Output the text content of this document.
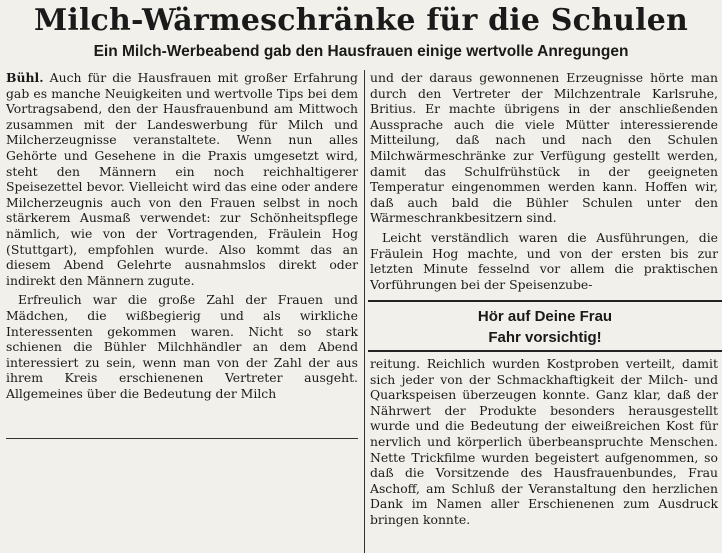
Milch-Wärmeschränke für die Schulen
Ein Milch-Werbeabend gab den Hausfrauen einige wertvolle Anregungen

Bühl. Auch für die Hausfrauen mit großer Erfahrung gab es manche Neuigkeiten und wertvolle Tips bei dem Vortragsabend, den der Hausfrauenbund am Mittwoch zusammen mit der Landeswerbung für Milch und Milcherzeugnisse veranstaltete. Wenn nun alles Gehörte und Gesehene in die Praxis umgesetzt wird, steht den Männern ein noch reichhaltigerer Speisezettel bevor. Vielleicht wird das eine oder andere Milcherzeugnis auch von den Frauen selbst in noch stärkerem Ausmaß verwendet: zur Schönheitspflege nämlich, wie von der Vortragenden, Fräulein Hog (Stuttgart), empfohlen wurde. Also kommt das an diesem Abend Gelehrte ausnahmslos direkt oder indirekt den Männern zugute.

Erfreulich war die große Zahl der Frauen und Mädchen, die wißbegierig und als wirkliche Interessenten gekommen waren. Nicht so stark schienen die Bühler Milchhändler an dem Abend interessiert zu sein, wenn man von der Zahl der aus ihrem Kreis erschienenen Vertreter ausgeht. Allgemeines über die Bedeutung der Milch

und der daraus gewonnenen Erzeugnisse hörte man durch den Vertreter der Milchzentrale Karlsruhe, Britius. Er machte übrigens in der anschließenden Aussprache auch die viele Mütter interessierende Mitteilung, daß nach und nach den Schulen Milchwärmeschränke zur Verfügung gestellt werden, damit das Schulfrühstück in der geeigneten Temperatur eingenommen werden kann. Hoffen wir, daß auch bald die Bühler Schulen unter den Wärmeschrankbesitzern sind.

Leicht verständlich waren die Ausführungen, die Fräulein Hog machte, und von der ersten bis zur letzten Minute fesselnd vor allem die praktischen Vorführungen bei der Speisenzube-

Hör auf Deine Frau
Fahr vorsichtig!

reitung. Reichlich wurden Kostproben verteilt, damit sich jeder von der Schmackhaftigkeit der Milch- und Quarkspeisen überzeugen konnte. Ganz klar, daß der Nährwert der Produkte besonders herausgestellt wurde und die Bedeutung der eiweißreichen Kost für nervlich und körperlich überbeanspruchte Menschen. Nette Trickfilme wurden begeistert aufgenommen, so daß die Vorsitzende des Hausfrauenbundes, Frau Aschoff, am Schluß der Veranstaltung den herzlichen Dank im Namen aller Erschienenen zum Ausdruck bringen konnte.
